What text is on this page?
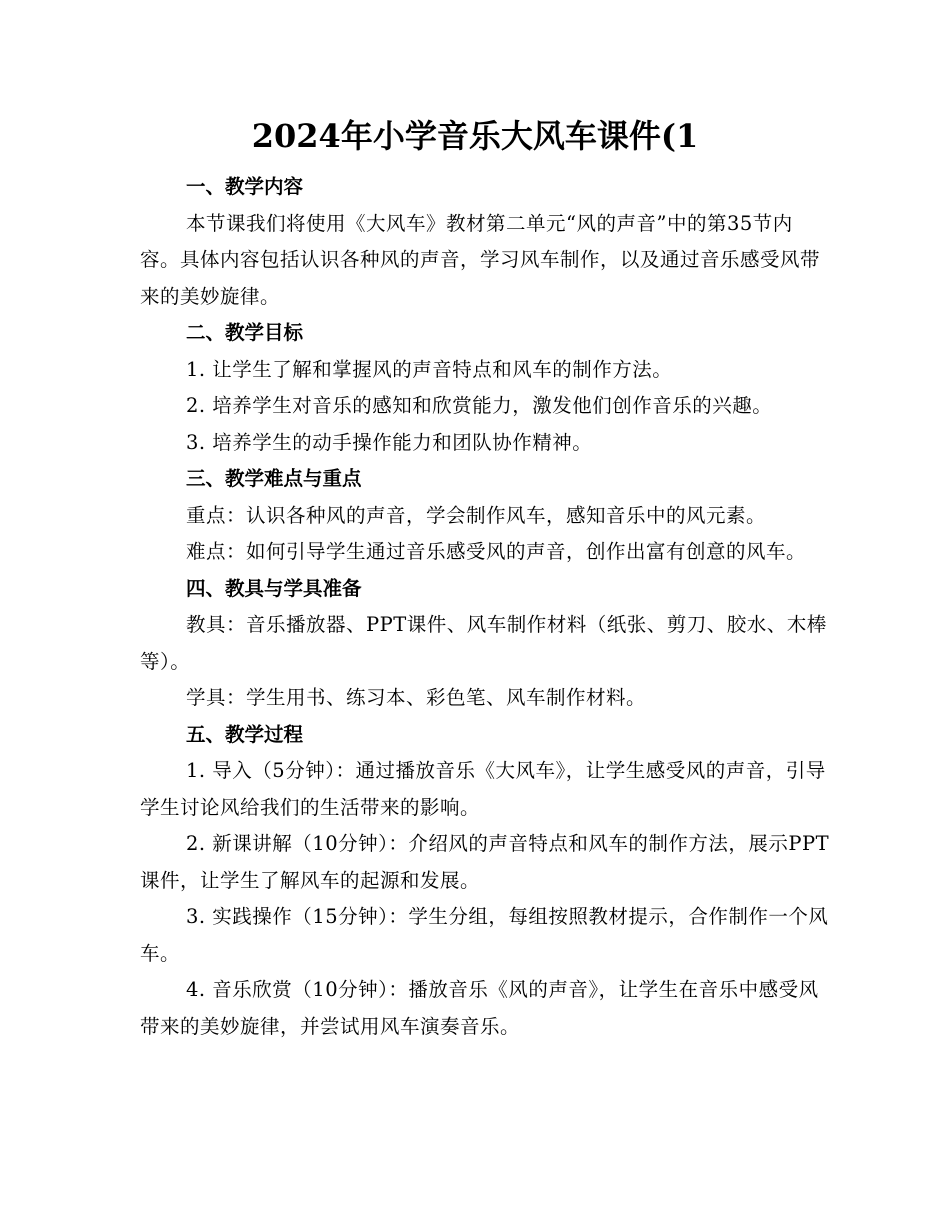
2024年小学音乐大风车课件(1
一、教学内容
本节课我们将使用《大风车》教材第二单元“风的声音”中的第35节内容。具体内容包括认识各种风的声音，学习风车制作，以及通过音乐感受风带来的美妙旋律。
二、教学目标
1. 让学生了解和掌握风的声音特点和风车的制作方法。
2. 培养学生对音乐的感知和欣赏能力，激发他们创作音乐的兴趣。
3. 培养学生的动手操作能力和团队协作精神。
三、教学难点与重点
重点：认识各种风的声音，学会制作风车，感知音乐中的风元素。
难点：如何引导学生通过音乐感受风的声音，创作出富有创意的风车。
四、教具与学具准备
教具：音乐播放器、PPT课件、风车制作材料（纸张、剪刀、胶水、木棒等）。
学具：学生用书、练习本、彩色笔、风车制作材料。
五、教学过程
1. 导入（5分钟）：通过播放音乐《大风车》，让学生感受风的声音，引导学生讨论风给我们的生活带来的影响。
2. 新课讲解（10分钟）：介绍风的声音特点和风车的制作方法，展示PPT课件，让学生了解风车的起源和发展。
3. 实践操作（15分钟）：学生分组，每组按照教材提示，合作制作一个风车。
4. 音乐欣赏（10分钟）：播放音乐《风的声音》，让学生在音乐中感受风带来的美妙旋律，并尝试用风车演奏音乐。
